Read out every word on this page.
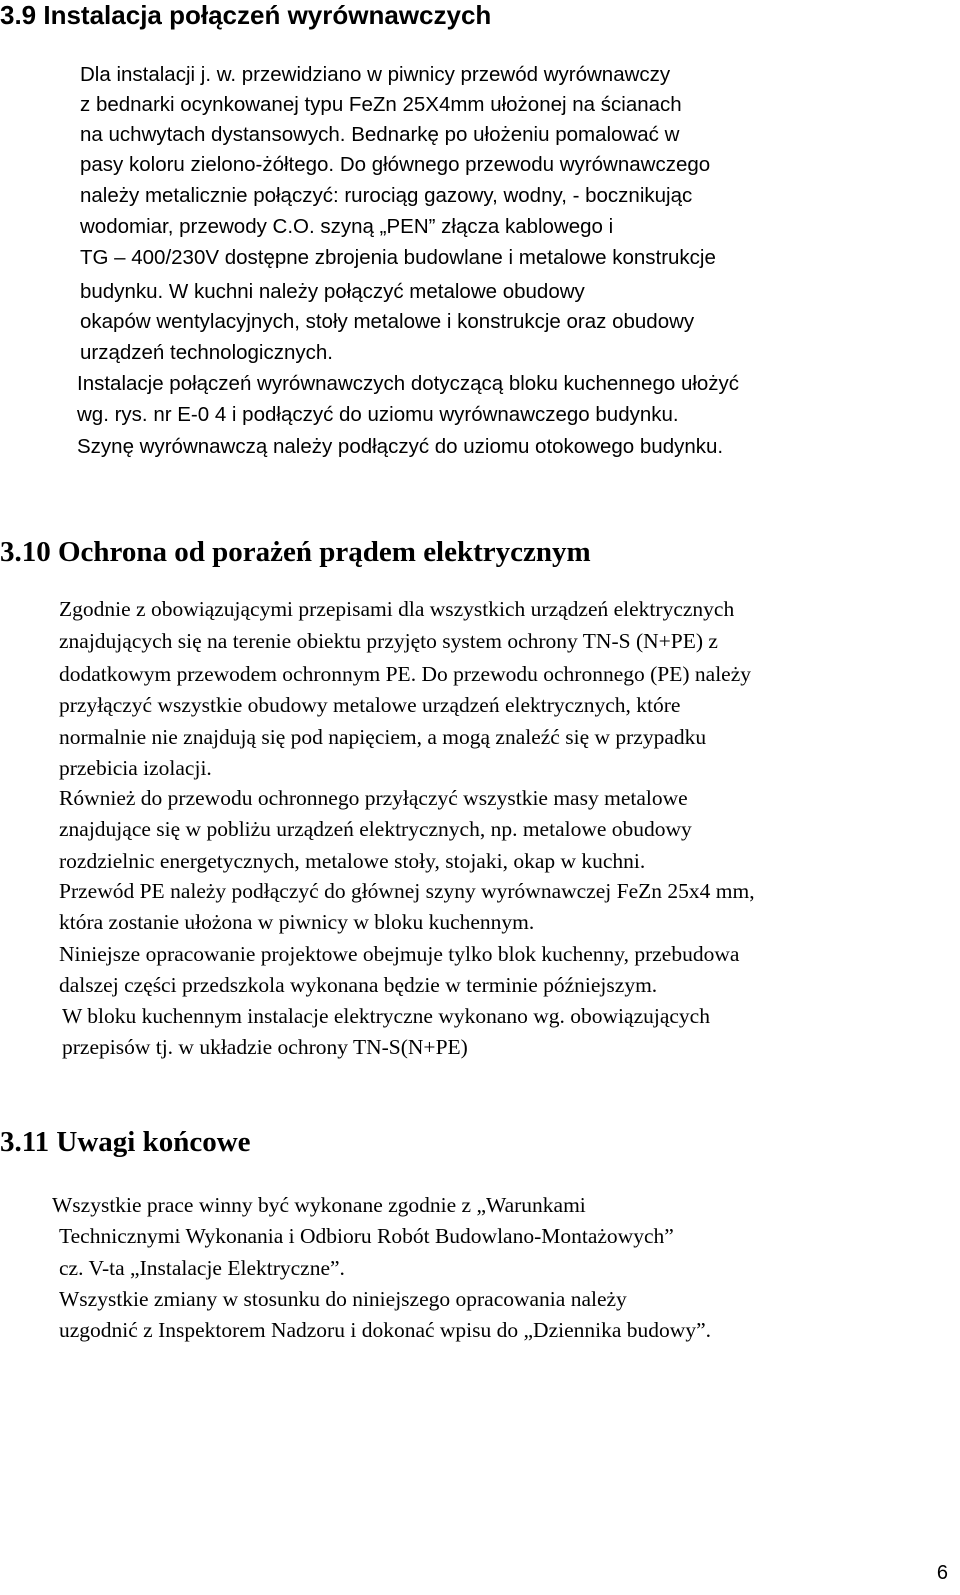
3.9 Instalacja połączeń wyrównawczych

Dla instalacji j. w. przewidziano w piwnicy przewód wyrównawczy

z bednarki ocynkowanej typu FeZn 25X4mm ułożonej na ścianach

na uchwytach dystansowych. Bednarkę po ułożeniu pomalować w

pasy koloru zielono-żółtego. Do głównego przewodu wyrównawczego

należy metalicznie połączyć: rurociąg gazowy, wodny, - bocznikując

wodomiar, przewody C.O. szyną „PEN” złącza kablowego i

TG – 400/230V dostępne zbrojenia budowlane i metalowe konstrukcje

budynku. W kuchni należy połączyć metalowe obudowy

okapów wentylacyjnych, stoły metalowe i konstrukcje oraz obudowy

urządzeń technologicznych.

Instalacje połączeń wyrównawczych dotyczącą bloku kuchennego ułożyć

wg. rys. nr E-0 4 i podłączyć do uziomu wyrównawczego budynku.

Szynę wyrównawczą należy podłączyć do uziomu otokowego budynku.

3.10 Ochrona od porażeń prądem elektrycznym

Zgodnie z obowiązującymi przepisami dla wszystkich urządzeń elektrycznych

znajdujących się na terenie obiektu przyjęto system ochrony TN-S (N+PE) z

dodatkowym przewodem ochronnym PE. Do przewodu ochronnego (PE) należy

przyłączyć wszystkie obudowy metalowe urządzeń elektrycznych, które

normalnie nie znajdują się pod napięciem, a mogą znaleźć się w przypadku

przebicia izolacji.

Również do przewodu ochronnego przyłączyć wszystkie masy metalowe

znajdujące się w pobliżu urządzeń elektrycznych, np. metalowe obudowy

rozdzielnic energetycznych, metalowe stoły, stojaki, okap w kuchni.

Przewód PE należy podłączyć do głównej szyny wyrównawczej FeZn 25x4 mm,

która zostanie ułożona w piwnicy w bloku kuchennym.

Niniejsze opracowanie projektowe obejmuje tylko blok kuchenny, przebudowa

dalszej części przedszkola wykonana będzie w terminie późniejszym.

W bloku kuchennym instalacje elektryczne wykonano wg. obowiązujących

przepisów tj. w układzie ochrony TN-S(N+PE)

3.11 Uwagi końcowe

Wszystkie prace winny być wykonane zgodnie z „Warunkami

Technicznymi Wykonania i Odbioru Robót Budowlano-Montażowych”

cz. V-ta „Instalacje Elektryczne”.

Wszystkie zmiany w stosunku do niniejszego opracowania należy

uzgodnić z Inspektorem Nadzoru i dokonać wpisu do „Dziennika budowy”.

6
